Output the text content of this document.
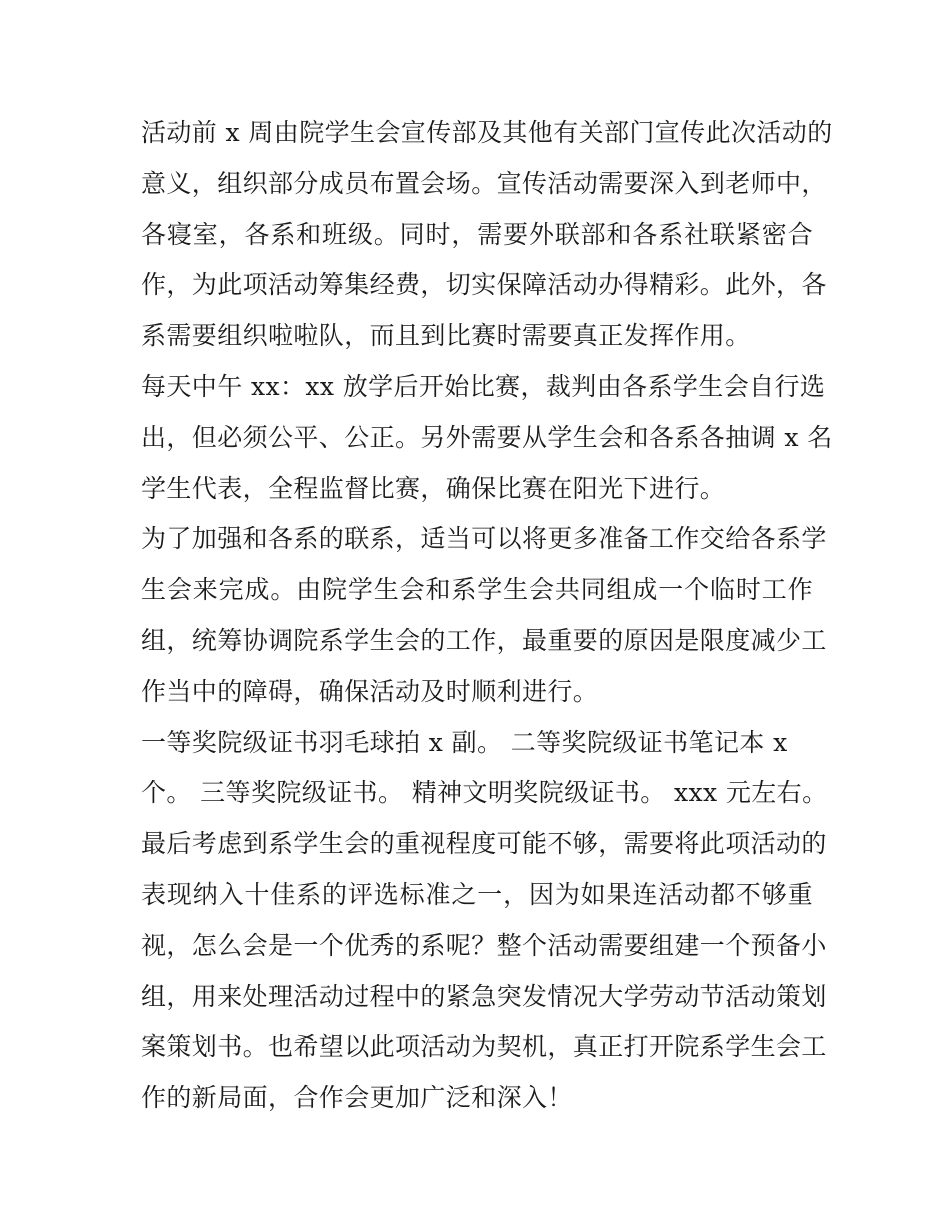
活动前 x 周由院学生会宣传部及其他有关部门宣传此次活动的
意义，组织部分成员布置会场。宣传活动需要深入到老师中，
各寝室，各系和班级。同时，需要外联部和各系社联紧密合
作，为此项活动筹集经费，切实保障活动办得精彩。此外，各
系需要组织啦啦队，而且到比赛时需要真正发挥作用。
每天中午 xx：xx 放学后开始比赛，裁判由各系学生会自行选
出，但必须公平、公正。另外需要从学生会和各系各抽调 x 名
学生代表，全程监督比赛，确保比赛在阳光下进行。
为了加强和各系的联系，适当可以将更多准备工作交给各系学
生会来完成。由院学生会和系学生会共同组成一个临时工作
组，统筹协调院系学生会的工作，最重要的原因是限度减少工
作当中的障碍，确保活动及时顺利进行。
一等奖院级证书羽毛球拍 x 副。 二等奖院级证书笔记本 x
个。 三等奖院级证书。 精神文明奖院级证书。 xxx 元左右。
最后考虑到系学生会的重视程度可能不够，需要将此项活动的
表现纳入十佳系的评选标准之一，因为如果连活动都不够重
视，怎么会是一个优秀的系呢？整个活动需要组建一个预备小
组，用来处理活动过程中的紧急突发情况大学劳动节活动策划
案策划书。也希望以此项活动为契机，真正打开院系学生会工
作的新局面，合作会更加广泛和深入！
